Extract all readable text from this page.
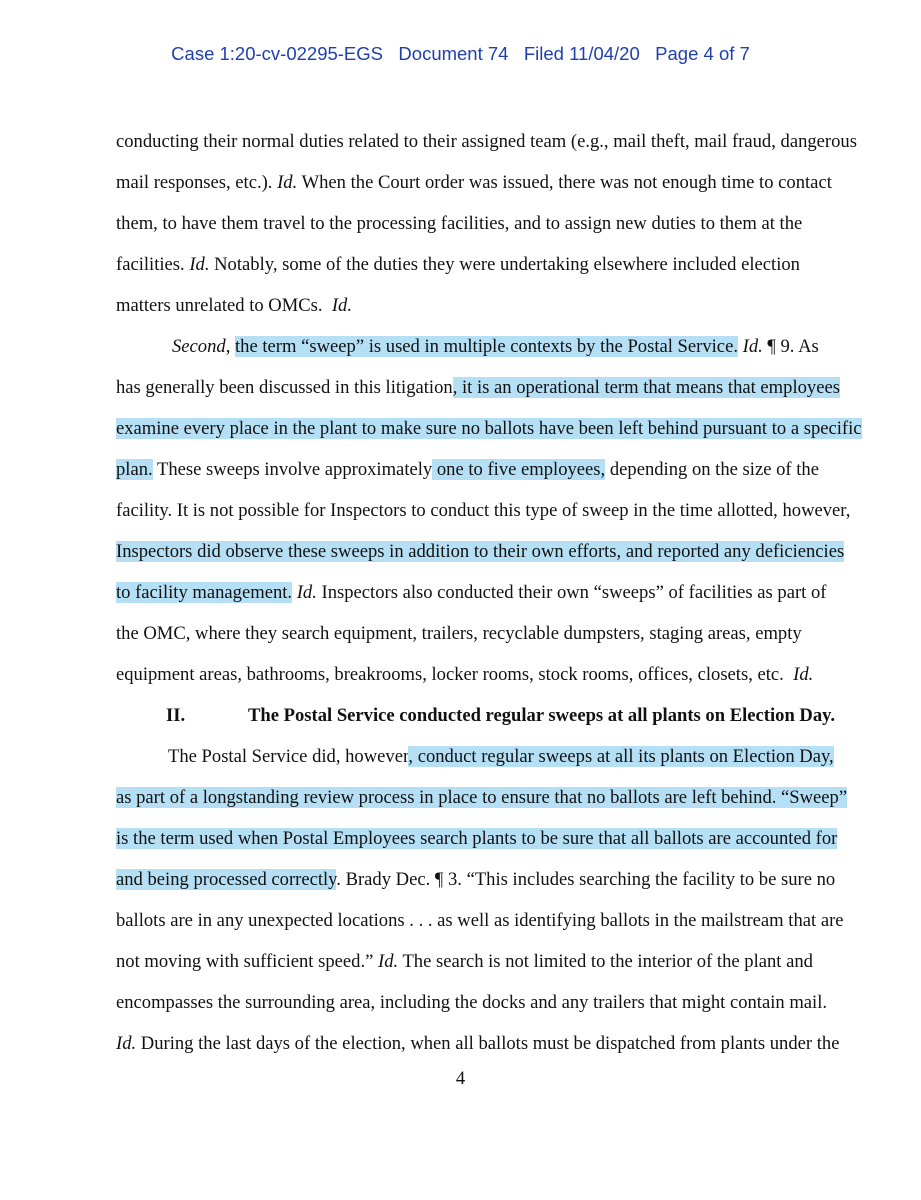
Case 1:20-cv-02295-EGS   Document 74   Filed 11/04/20   Page 4 of 7

conducting their normal duties related to their assigned team (e.g., mail theft, mail fraud, dangerous

mail responses, etc.). Id. When the Court order was issued, there was not enough time to contact

them, to have them travel to the processing facilities, and to assign new duties to them at the

facilities. Id. Notably, some of the duties they were undertaking elsewhere included election

matters unrelated to OMCs. Id.

Second, the term “sweep” is used in multiple contexts by the Postal Service. Id. ¶ 9. As

has generally been discussed in this litigation, it is an operational term that means that employees

examine every place in the plant to make sure no ballots have been left behind pursuant to a specific

plan. These sweeps involve approximately one to five employees, depending on the size of the

facility. It is not possible for Inspectors to conduct this type of sweep in the time allotted, however,

Inspectors did observe these sweeps in addition to their own efforts, and reported any deficiencies

to facility management. Id. Inspectors also conducted their own “sweeps” of facilities as part of

the OMC, where they search equipment, trailers, recyclable dumpsters, staging areas, empty

equipment areas, bathrooms, breakrooms, locker rooms, stock rooms, offices, closets, etc. Id.

II.	The Postal Service conducted regular sweeps at all plants on Election Day.

The Postal Service did, however, conduct regular sweeps at all its plants on Election Day,

as part of a longstanding review process in place to ensure that no ballots are left behind. “Sweep”

is the term used when Postal Employees search plants to be sure that all ballots are accounted for

and being processed correctly. Brady Dec. ¶ 3. “This includes searching the facility to be sure no

ballots are in any unexpected locations . . . as well as identifying ballots in the mailstream that are

not moving with sufficient speed.” Id. The search is not limited to the interior of the plant and

encompasses the surrounding area, including the docks and any trailers that might contain mail.

Id. During the last days of the election, when all ballots must be dispatched from plants under the

4
